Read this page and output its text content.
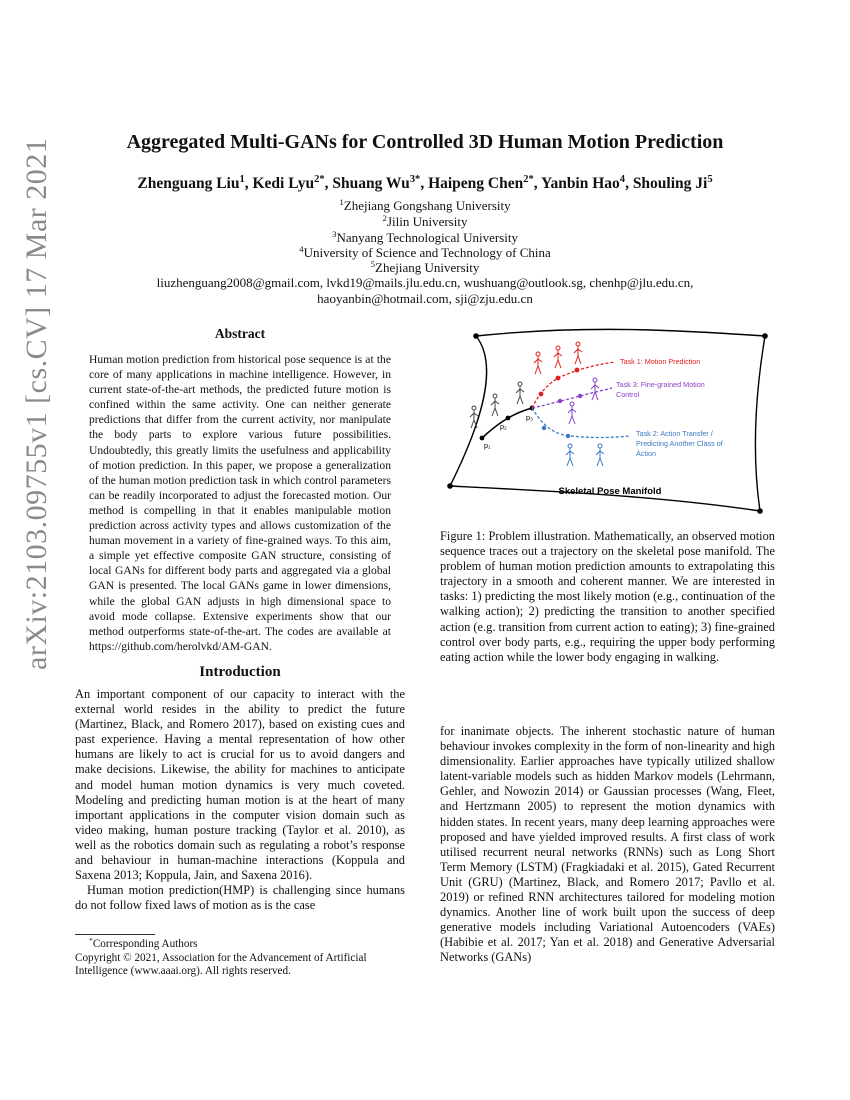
arXiv:2103.09755v1 [cs.CV] 17 Mar 2021	Aggregated Multi-GANs for Controlled 3D Human Motion Prediction
Zhenguang Liu$^1$, Kedi Lyu$^{2*}$, Shuang $Wu^{3*}$, Haipeng Chen$^{2*}$, Yanbin Hao$^4$, Shouling Ji$^5$
$^1$Zhejiang Gongshang University
$^2$Jilin University
$^3$Nanyang Technological University
$^4$University of Science and Technology of China
$^5$Zhejiang University
liuzhenguang2008@gmail.com, lvkd19@mails.jlu.edu.cn, wushuang@outlook.sg, chenhp@jlu.edu.cn,
haoyanbin@hotmail.com, sji@zju.edu.cn
Abstract
Human motion prediction from historical pose sequence is at the core of many applications in machine intelligence. However, in current state-of-the-art methods, the predicted future motion is confined within the same activity. One can neither generate predictions that differ from the current activity, nor manipulate the body parts to explore various future possibilities. Undoubtedly, this greatly limits the usefulness and applicability of motion prediction. In this paper, we propose a generalization of the human motion prediction task in which control parameters can be readily incorporated to adjust the forecasted motion. Our method is compelling in that it enables manipulable motion prediction across activity types and allows customization of the human movement in a variety of fine-grained ways. To this aim, a simple yet effective composite GAN structure, consisting of local GANs for different body parts and aggregated via a global GAN is presented. The local GANs game in lower dimensions, while the global GAN adjusts in high dimensional space to avoid mode collapse. Extensive experiments show that our method outperforms state-of-the-art. The codes are available at https://github.com/herolvkd/AM-GAN.
Introduction

An important component of our capacity to interact with the external world resides in the ability to predict the future (Martinez, Black, and Romero 2017), based on existing cues and past experience. Having a mental representation of how other humans are likely to act is crucial for us to avoid dangers and make decisions. Likewise, the ability for machines to anticipate and model human motion dynamics is very much coveted. Modeling and predicting human motion is at the heart of many important applications in the computer vision domain such as video making, human posture tracking (Taylor et al. 2010), as well as the robotics domain such as regulating a robot’s response and behaviour in human-machine interactions (Koppula and Saxena 2013; Koppula, Jain, and Saxena 2016).

Human motion prediction(HMP) is challenging since humans do not follow fixed laws of motion as is the case

*Corresponding Authors
Copyright © 2021, Association for the Advancement of Artificial Intelligence (www.aaai.org). All rights reserved.
p₁
p₂
p₃
Task 1: Motion Prediction
Task 3: Fine-grained Motion
Control
Task 2: Action Transfer /
Predicting Another Class of
Action
Skeletal Pose Manifold
Figure 1: Problem illustration. Mathematically, an observed motion sequence traces out a trajectory on the skeletal pose manifold. The problem of human motion prediction amounts to extrapolating this trajectory in a smooth and coherent manner. We are interested in tasks: 1) predicting the most likely motion (e.g., continuation of the walking action); 2) predicting the transition to another specified action (e.g. transition from current action to eating); 3) fine-grained control over body parts, e.g., requiring the upper body performing eating action while the lower body engaging in walking.
for inanimate objects. The inherent stochastic nature of human behaviour invokes complexity in the form of non-linearity and high dimensionality. Earlier approaches have typically utilized shallow latent-variable models such as hidden Markov models (Lehrmann, Gehler, and Nowozin 2014) or Gaussian processes (Wang, Fleet, and Hertzmann 2005) to represent the motion dynamics with hidden states. In recent years, many deep learning approaches were proposed and have yielded improved results. A first class of work utilised recurrent neural networks (RNNs) such as Long Short Term Memory (LSTM) (Fragkiadaki et al. 2015), Gated Recurrent Unit (GRU) (Martinez, Black, and Romero 2017; Pavllo et al. 2019) or refined RNN architectures tailored for modeling motion dynamics. Another line of work built upon the success of deep generative models including Variational Autoencoders (VAEs) (Habibie et al. 2017; Yan et al. 2018) and Generative Adversarial Networks (GANs)
